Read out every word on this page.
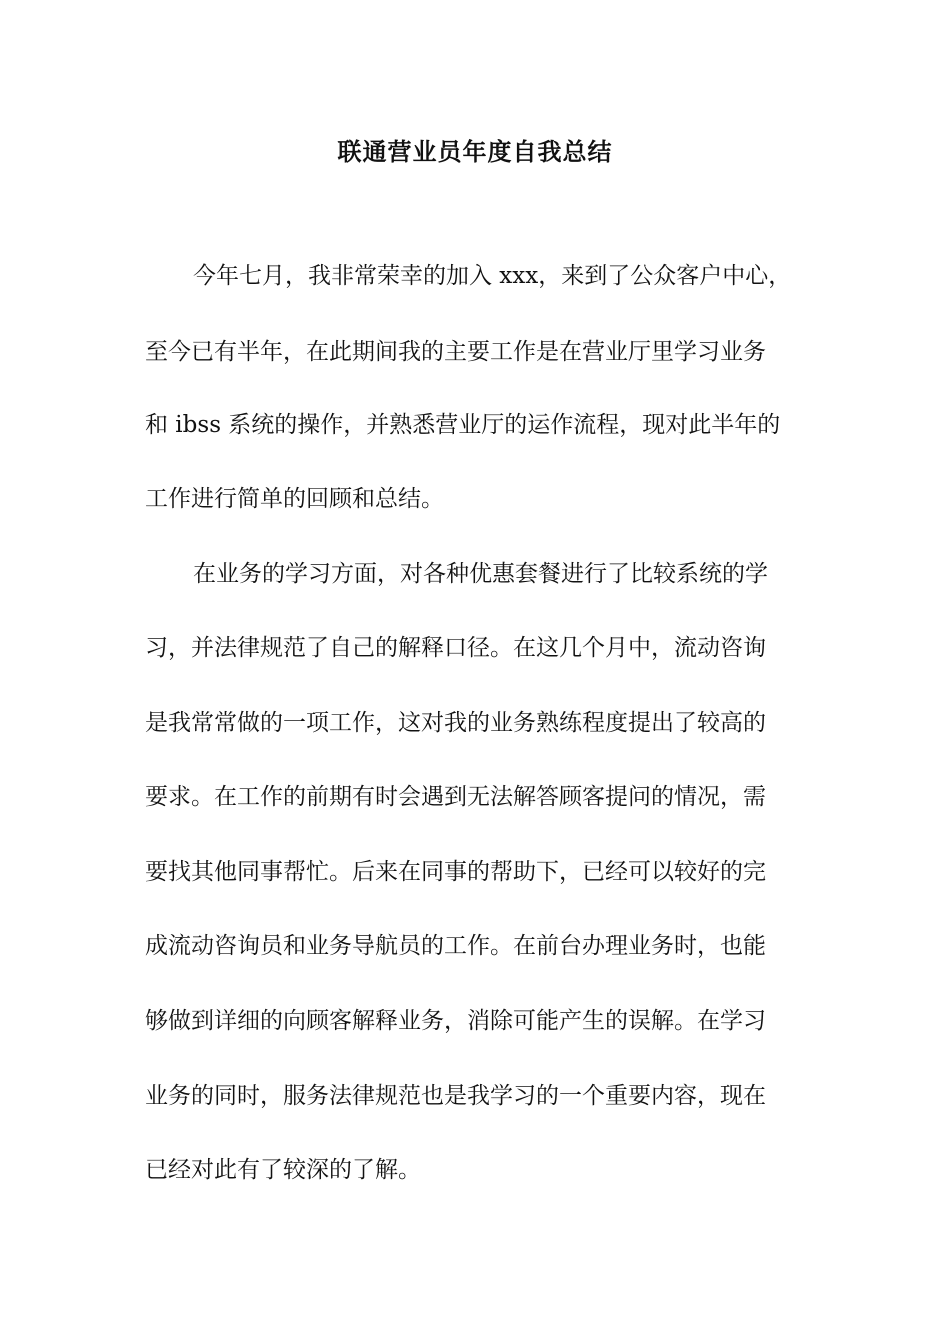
联通营业员年度自我总结
今年七月，我非常荣幸的加入 xxx，来到了公众客户中心，
至今已有半年，在此期间我的主要工作是在营业厅里学习业务
和 ibss 系统的操作，并熟悉营业厅的运作流程，现对此半年的
工作进行简单的回顾和总结。
在业务的学习方面，对各种优惠套餐进行了比较系统的学
习，并法律规范了自己的解释口径。在这几个月中，流动咨询
是我常常做的一项工作，这对我的业务熟练程度提出了较高的
要求。在工作的前期有时会遇到无法解答顾客提问的情况，需
要找其他同事帮忙。后来在同事的帮助下，已经可以较好的完
成流动咨询员和业务导航员的工作。在前台办理业务时，也能
够做到详细的向顾客解释业务，消除可能产生的误解。在学习
业务的同时，服务法律规范也是我学习的一个重要内容，现在
已经对此有了较深的了解。
